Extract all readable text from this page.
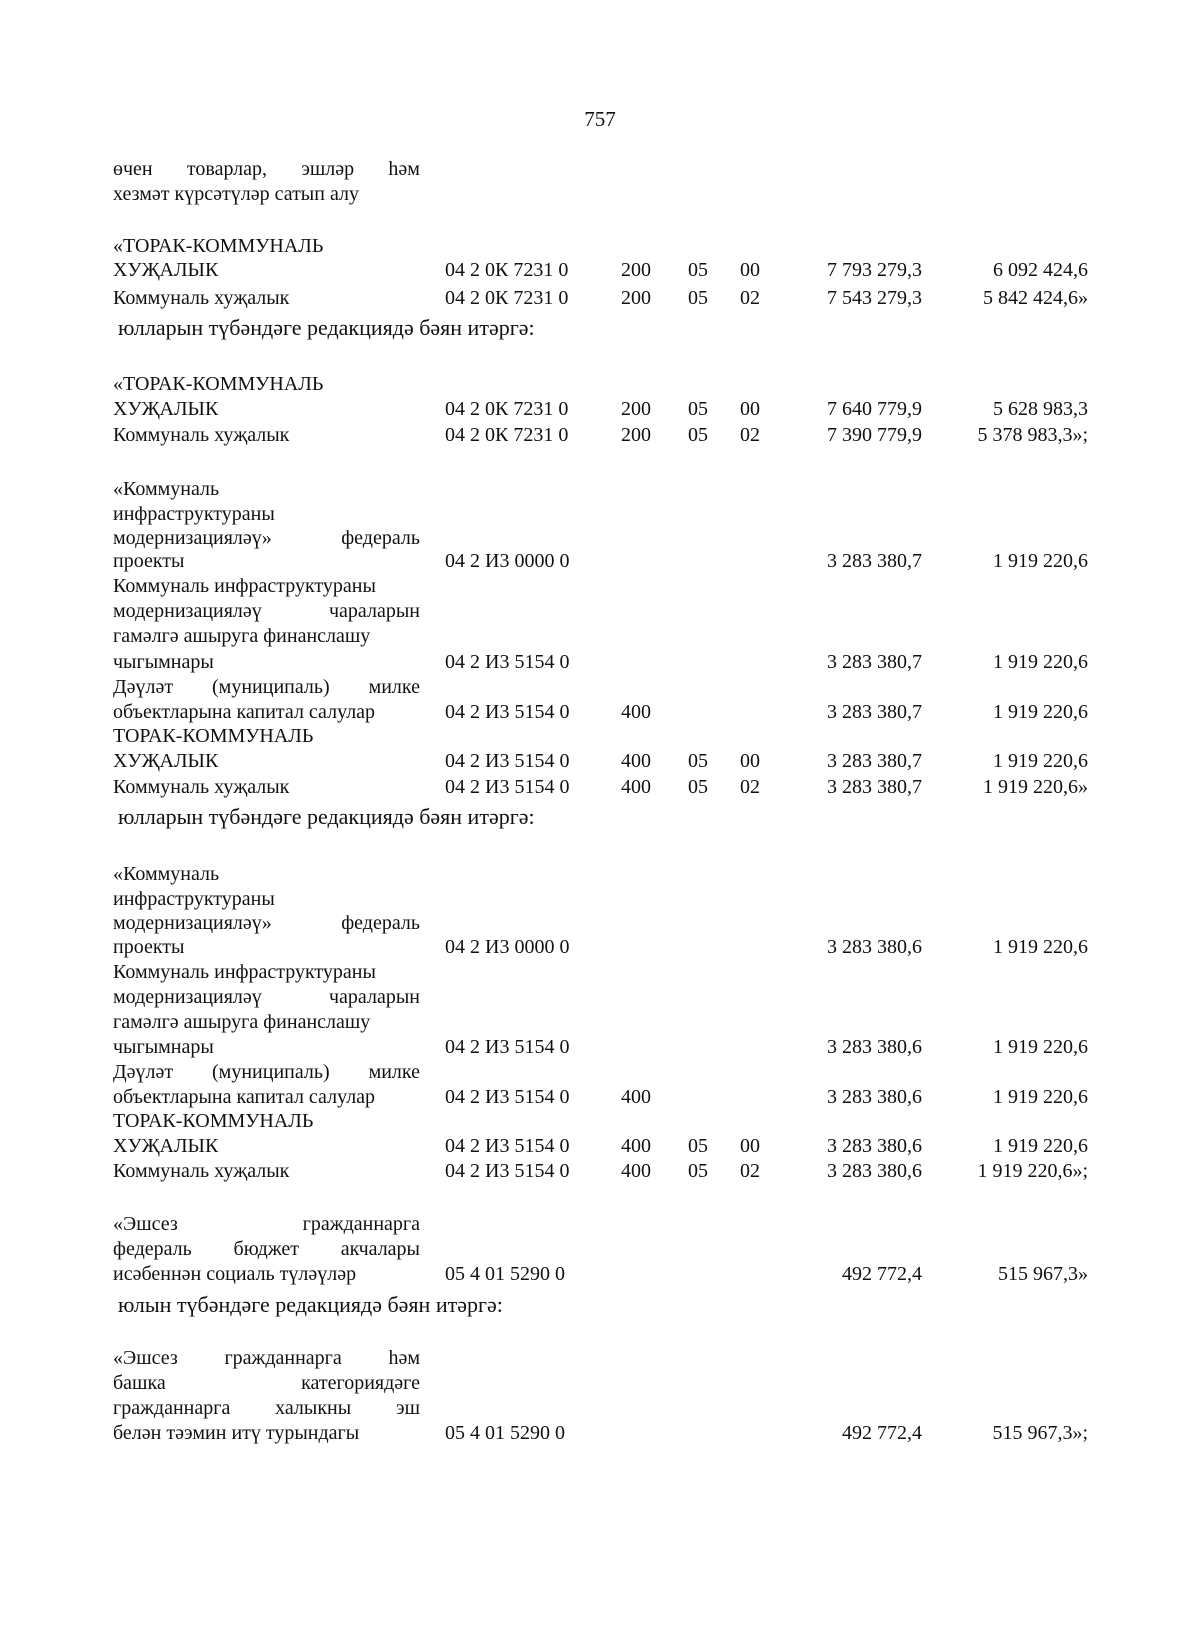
757
өчен товарлар, эшләр һәм
хезмәт күрсәтүләр сатып алу
«ТОРАК-КОММУНАЛЬ
ХУҖАЛЫК	04 2 0К 7231 0	200 05 00	7 793 279,3	6 092 424,6
Коммуналь хуҗалык	04 2 0К 7231 0	200 05 02	7 543 279,3	5 842 424,6»
юлларын түбәндәге редакциядә бәян итәргә:
«ТОРАК-КОММУНАЛЬ
ХУҖАЛЫК	04 2 0К 7231 0	200 05 00	7 640 779,9	5 628 983,3
Коммуналь хуҗалык	04 2 0К 7231 0	200 05 02	7 390 779,9	5 378 983,3»;
«Коммуналь
инфраструктураны
модернизацияләү»	федераль
проекты	04 2 И3 0000 0	3 283 380,7	1 919 220,6
Коммуналь инфраструктураны
модернизацияләү	чараларын
гамәлгә ашыруга финанслашу
чыгымнары	04 2 И3 5154 0	3 283 380,7	1 919 220,6
Дәүләт (муниципаль) милке
объектларына капитал салулар	04 2 И3 5154 0	400	3 283 380,7	1 919 220,6
ТОРАК-КОММУНАЛЬ
ХУҖАЛЫК	04 2 И3 5154 0	400 05 00	3 283 380,7	1 919 220,6
Коммуналь хуҗалык	04 2 И3 5154 0	400 05 02	3 283 380,7	1 919 220,6»
юлларын түбәндәге редакциядә бәян итәргә:
«Коммуналь
инфраструктураны
модернизацияләү»	федераль
проекты	04 2 И3 0000 0	3 283 380,6	1 919 220,6
Коммуналь инфраструктураны
модернизацияләү	чараларын
гамәлгә ашыруга финанслашу
чыгымнары	04 2 И3 5154 0	3 283 380,6	1 919 220,6
Дәүләт (муниципаль) милке
объектларына капитал салулар	04 2 И3 5154 0	400	3 283 380,6	1 919 220,6
ТОРАК-КОММУНАЛЬ
ХУҖАЛЫК	04 2 И3 5154 0	400 05 00	3 283 380,6	1 919 220,6
Коммуналь хуҗалык	04 2 И3 5154 0	400 05 02	3 283 380,6	1 919 220,6»;
«Эшсез	гражданнарга
федераль бюджет акчалары
исәбеннән социаль түләүләр	05 4 01 5290 0	492 772,4	515 967,3»
юлын түбәндәге редакциядә бәян итәргә:
«Эшсез гражданнарга һәм
башка	категориядәге
гражданнарга халыкны эш
белән тәэмин итү турындагы	05 4 01 5290 0	492 772,4	515 967,3»;
